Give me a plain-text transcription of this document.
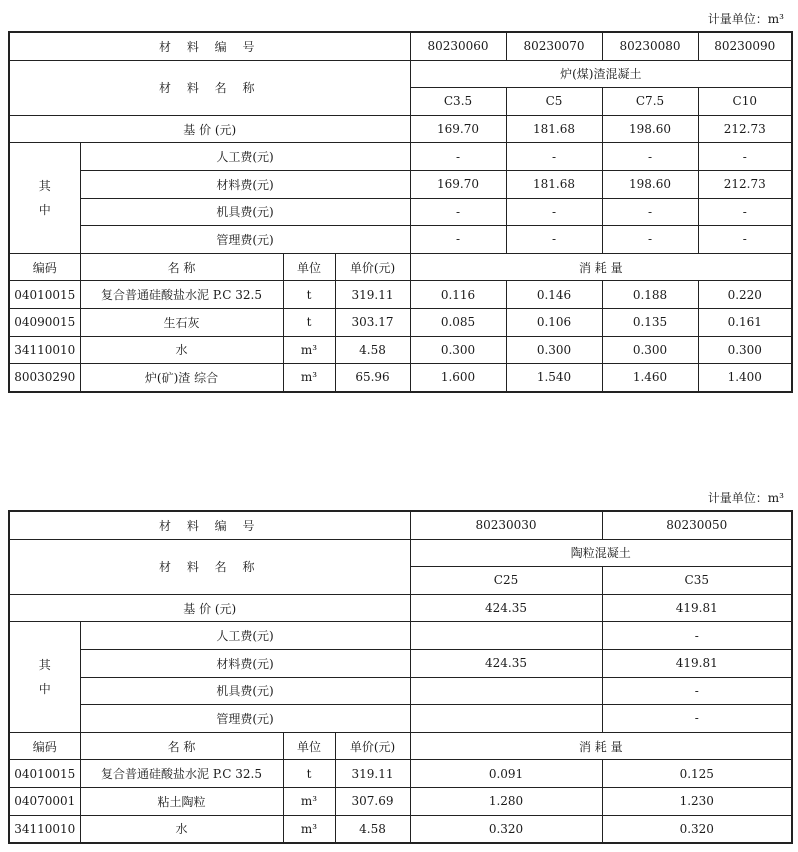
计量单位：m³
材 料 编 号				80230060	80230070	80230080	80230090
材 料 名 称				炉(煤)渣混凝土			
				C3.5	C5	C7.5	C10
基 价 (元)				169.70	181.68	198.60	212.73

其
中	人工费(元)			-	-	-	-
	材料费(元)			169.70	181.68	198.60	212.73
	机具费(元)			-	-	-	-
	管理费(元)			-	-	-	-
编码	名 称	单位	单价(元)	消 耗 量			
04010015	复合普通硅酸盐水泥 P.C 32.5	t	319.11	0.116	0.146	0.188	0.220
04090015	生石灰	t	303.17	0.085	0.106	0.135	0.161
34110010	水	m³	4.58	0.300	0.300	0.300	0.300
80030290	炉(矿)渣 综合	m³	65.96	1.600	1.540	1.460	1.400
计量单位：m³
材 料 编 号				80230030	80230050
材 料 名 称				陶粒混凝土	
				C25	C35
基 价 (元)				424.35	419.81

其
中	人工费(元)				-
	材料费(元)			424.35	419.81
	机具费(元)				-
	管理费(元)				-
编码	名 称	单位	单价(元)	消 耗 量	
04010015	复合普通硅酸盐水泥 P.C 32.5	t	319.11	0.091	0.125
04070001	粘土陶粒	m³	307.69	1.280	1.230
34110010	水	m³	4.58	0.320	0.320
